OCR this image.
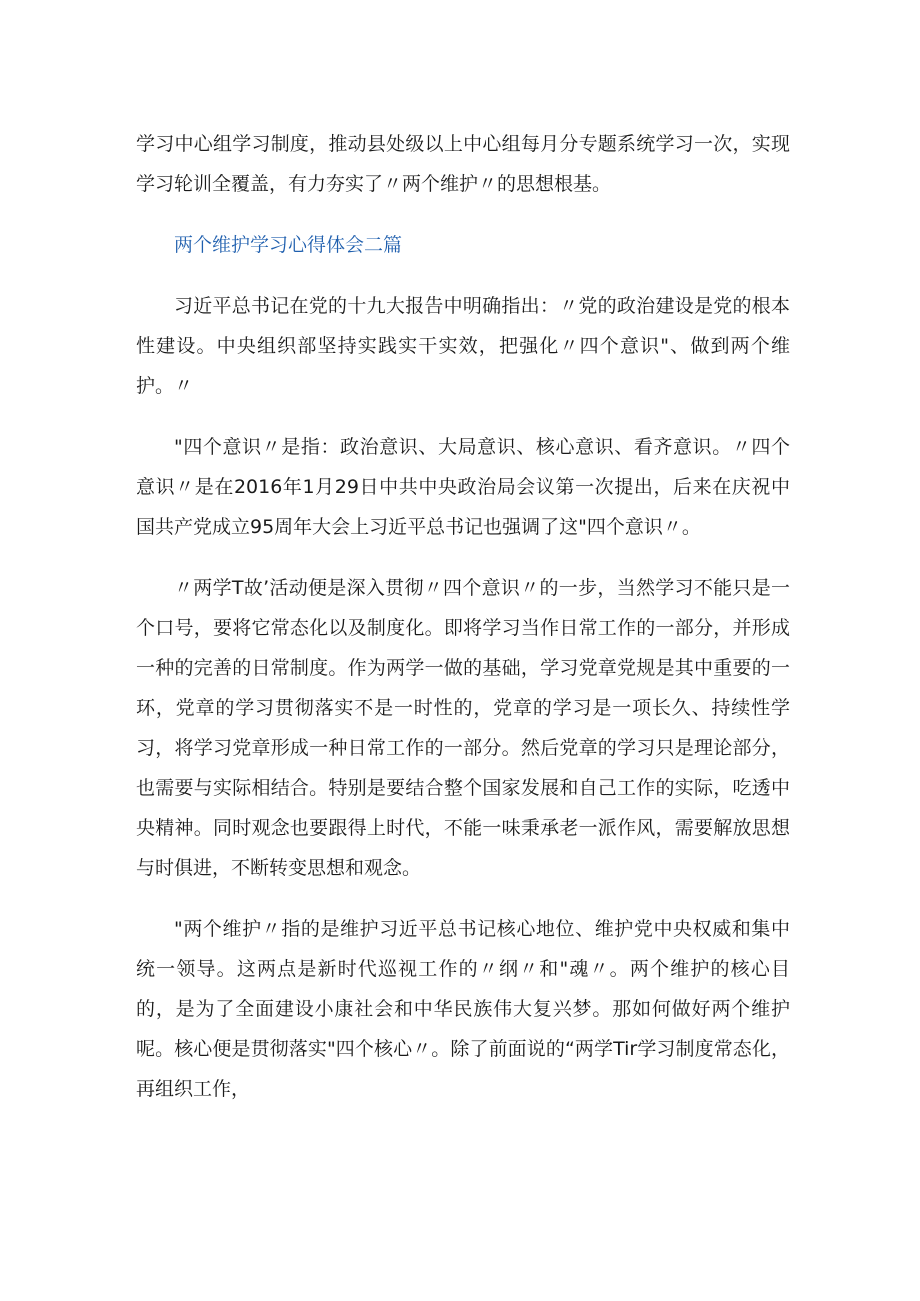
学习中心组学习制度，推动县处级以上中心组每月分专题系统学习一次，实现学习轮训全覆盖，有力夯实了〃两个维护〃的思想根基。

两个维护学习心得体会二篇

习近平总书记在党的十九大报告中明确指出：〃党的政治建设是党的根本性建设。中央组织部坚持实践实干实效，把强化〃四个意识"、做到两个维护。〃

"四个意识〃是指：政治意识、大局意识、核心意识、看齐意识。〃四个意识〃是在2016年1月29日中共中央政治局会议第一次提出，后来在庆祝中国共产党成立95周年大会上习近平总书记也强调了这"四个意识〃。

〃两学T故’活动便是深入贯彻〃四个意识〃的一步，当然学习不能只是一个口号，要将它常态化以及制度化。即将学习当作日常工作的一部分，并形成一种的完善的日常制度。作为两学一做的基础，学习党章党规是其中重要的一环，党章的学习贯彻落实不是一时性的，党章的学习是一项长久、持续性学习，将学习党章形成一种日常工作的一部分。然后党章的学习只是理论部分，也需要与实际相结合。特别是要结合整个国家发展和自己工作的实际，吃透中央精神。同时观念也要跟得上时代，不能一味秉承老一派作风，需要解放思想与时俱进，不断转变思想和观念。

"两个维护〃指的是维护习近平总书记核心地位、维护党中央权威和集中统一领导。这两点是新时代巡视工作的〃纲〃和"魂〃。两个维护的核心目的，是为了全面建设小康社会和中华民族伟大复兴梦。那如何做好两个维护呢。核心便是贯彻落实"四个核心〃。除了前面说的“两学Tir学习制度常态化，再组织工作，
